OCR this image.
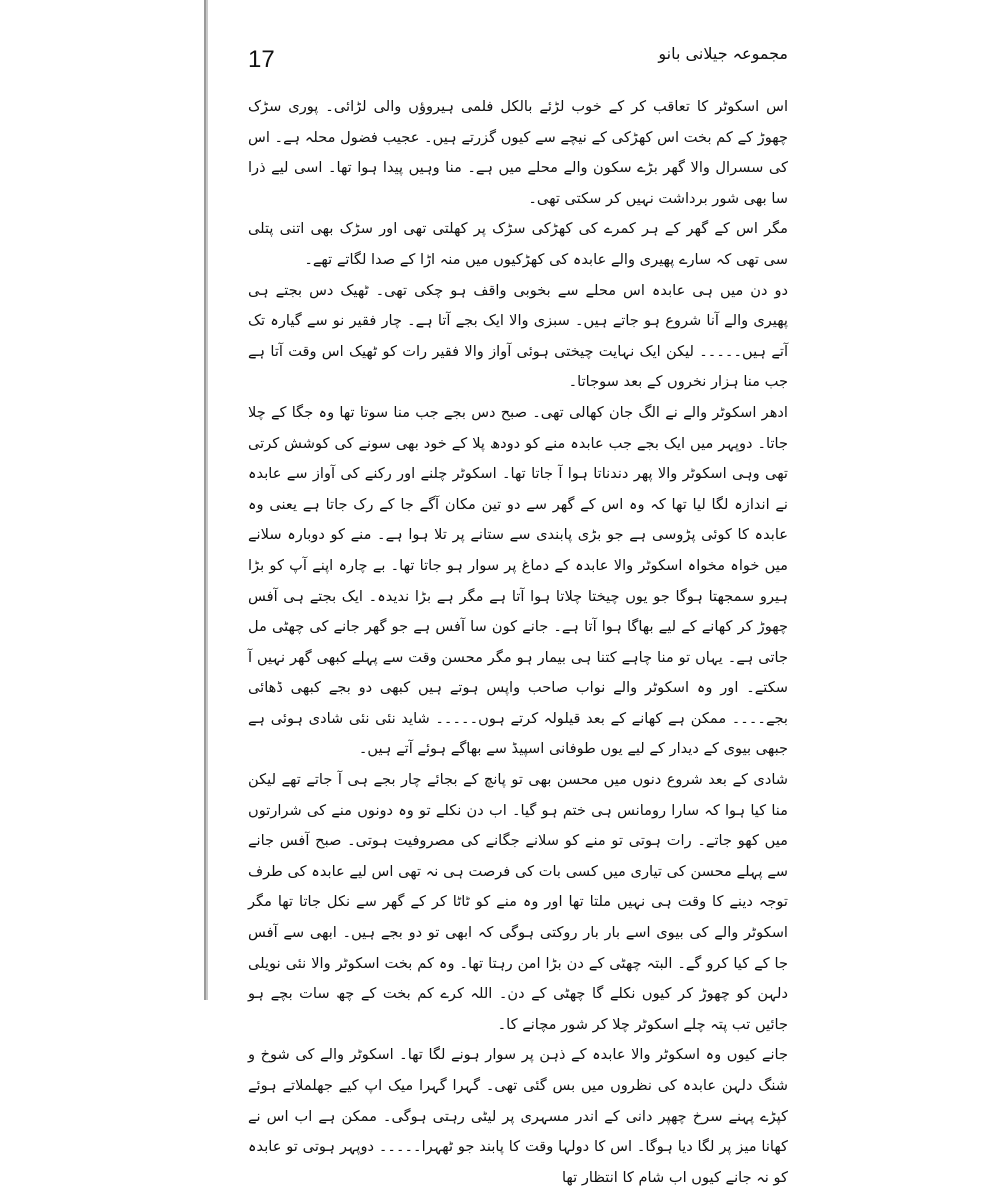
17	مجموعہ جیلانی بانو

اس اسکوٹر کا تعاقب کر کے خوب لڑئے بالکل فلمی ہیروؤں والی لڑائی۔ پوری سڑک چھوڑ کے کم بخت اس کھڑکی کے نیچے سے کیوں گزرتے ہیں۔ عجیب فضول محلہ ہے۔ اس کی سسرال والا گھر بڑے سکون والے محلے میں ہے۔ منا وہیں پیدا ہوا تھا۔ اسی لیے ذرا سا بھی شور برداشت نہیں کر سکتی تھی۔

مگر اس کے گھر کے ہر کمرے کی کھڑکی سڑک پر کھلتی تھی اور سڑک بھی اتنی پتلی سی تھی کہ سارے پھیری والے عابدہ کی کھڑکیوں میں منہ اڑا کے صدا لگاتے تھے۔

دو دن میں ہی عابدہ اس محلے سے بخوبی واقف ہو چکی تھی۔ ٹھیک دس بجتے ہی پھیری والے آنا شروع ہو جاتے ہیں۔ سبزی والا ایک بجے آتا ہے۔ چار فقیر نو سے گیارہ تک آتے ہیں۔۔۔۔۔ لیکن ایک نہایت چیختی ہوئی آواز والا فقیر رات کو ٹھیک اس وقت آتا ہے جب منا ہزار نخروں کے بعد سوجاتا۔

ادھر اسکوٹر والے نے الگ جان کھالی تھی۔ صبح دس بجے جب منا سوتا تھا وہ جگا کے چلا جاتا۔ دوپہر میں ایک بجے جب عابدہ منے کو دودھ پلا کے خود بھی سونے کی کوشش کرتی تھی وہی اسکوٹر والا پھر دندناتا ہوا آ جاتا تھا۔ اسکوٹر چلنے اور رکنے کی آواز سے عابدہ نے اندازہ لگا لیا تھا کہ وہ اس کے گھر سے دو تین مکان آگے جا کے رک جاتا ہے یعنی وہ عابدہ کا کوئی پڑوسی ہے جو بڑی پابندی سے ستانے پر تلا ہوا ہے۔ منے کو دوبارہ سلانے میں خواہ مخواہ اسکوٹر والا عابدہ کے دماغ پر سوار ہو جاتا تھا۔ بے چارہ اپنے آپ کو بڑا ہیرو سمجھتا ہوگا جو یوں چیختا چلاتا ہوا آتا ہے مگر ہے بڑا ندیدہ۔ ایک بجتے ہی آفس چھوڑ کر کھانے کے لیے بھاگا ہوا آتا ہے۔ جانے کون سا آفس ہے جو گھر جانے کی چھٹی مل جاتی ہے۔ یہاں تو منا چاہے کتنا ہی بیمار ہو مگر محسن وقت سے پہلے کبھی گھر نہیں آ سکتے۔ اور وہ اسکوٹر والے نواب صاحب واپس ہوتے ہیں کبھی دو بجے کبھی ڈھائی بجے۔۔۔۔ ممکن ہے کھانے کے بعد قیلولہ کرتے ہوں۔۔۔۔۔ شاید نئی نئی شادی ہوئی ہے جبھی بیوی کے دیدار کے لیے یوں طوفانی اسپیڈ سے بھاگے ہوئے آتے ہیں۔

شادی کے بعد شروع دنوں میں محسن بھی تو پانچ کے بجائے چار بجے ہی آ جاتے تھے لیکن منا کیا ہوا کہ سارا رومانس ہی ختم ہو گیا۔ اب دن نکلے تو وہ دونوں منے کی شرارتوں میں کھو جاتے۔ رات ہوتی تو منے کو سلانے جگانے کی مصروفیت ہوتی۔ صبح آفس جانے سے پہلے محسن کی تیاری میں کسی بات کی فرصت ہی نہ تھی اس لیے عابدہ کی طرف توجہ دینے کا وقت ہی نہیں ملتا تھا اور وہ منے کو ٹاٹا کر کے گھر سے نکل جاتا تھا مگر اسکوٹر والے کی بیوی اسے بار بار روکتی ہوگی کہ ابھی تو دو بجے ہیں۔ ابھی سے آفس جا کے کیا کرو گے۔ البتہ چھٹی کے دن بڑا امن رہتا تھا۔ وہ کم بخت اسکوٹر والا نئی نویلی دلہن کو چھوڑ کر کیوں نکلے گا چھٹی کے دن۔ اللہ کرے کم بخت کے چھ سات بچے ہو جائیں تب پتہ چلے اسکوٹر چلا کر شور مچانے کا۔

جانے کیوں وہ اسکوٹر والا عابدہ کے ذہن پر سوار ہونے لگا تھا۔ اسکوٹر والے کی شوخ و شنگ دلہن عابدہ کی نظروں میں بس گئی تھی۔ گہرا گہرا میک اپ کیے جھلملاتے ہوئے کپڑے پہنے سرخ چھپر دانی کے اندر مسہری پر لیٹی رہتی ہوگی۔ ممکن ہے اب اس نے کھانا میز پر لگا دیا ہوگا۔ اس کا دولہا وقت کا پابند جو ٹھہرا۔۔۔۔۔ دوپہر ہوتی تو عابدہ کو نہ جانے کیوں اب شام کا انتظار تھا
